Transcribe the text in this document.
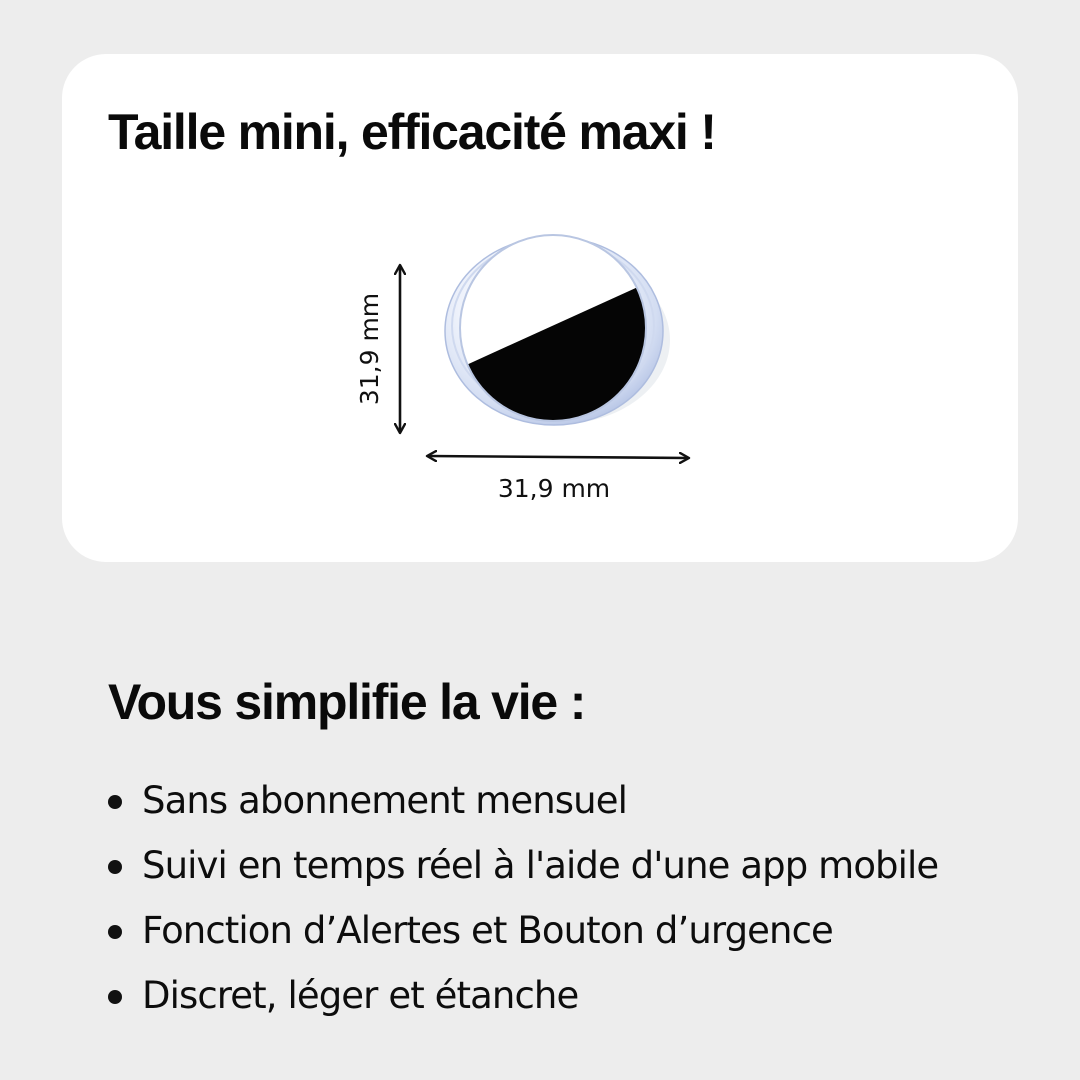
Taille mini, efficacité maxi !
31,9 mm
31,9 mm
Vous simplifie la vie :
Sans abonnement mensuel
Suivi en temps réel à l'aide d'une app mobile
Fonction d’Alertes et Bouton d’urgence
Discret, léger et étanche
